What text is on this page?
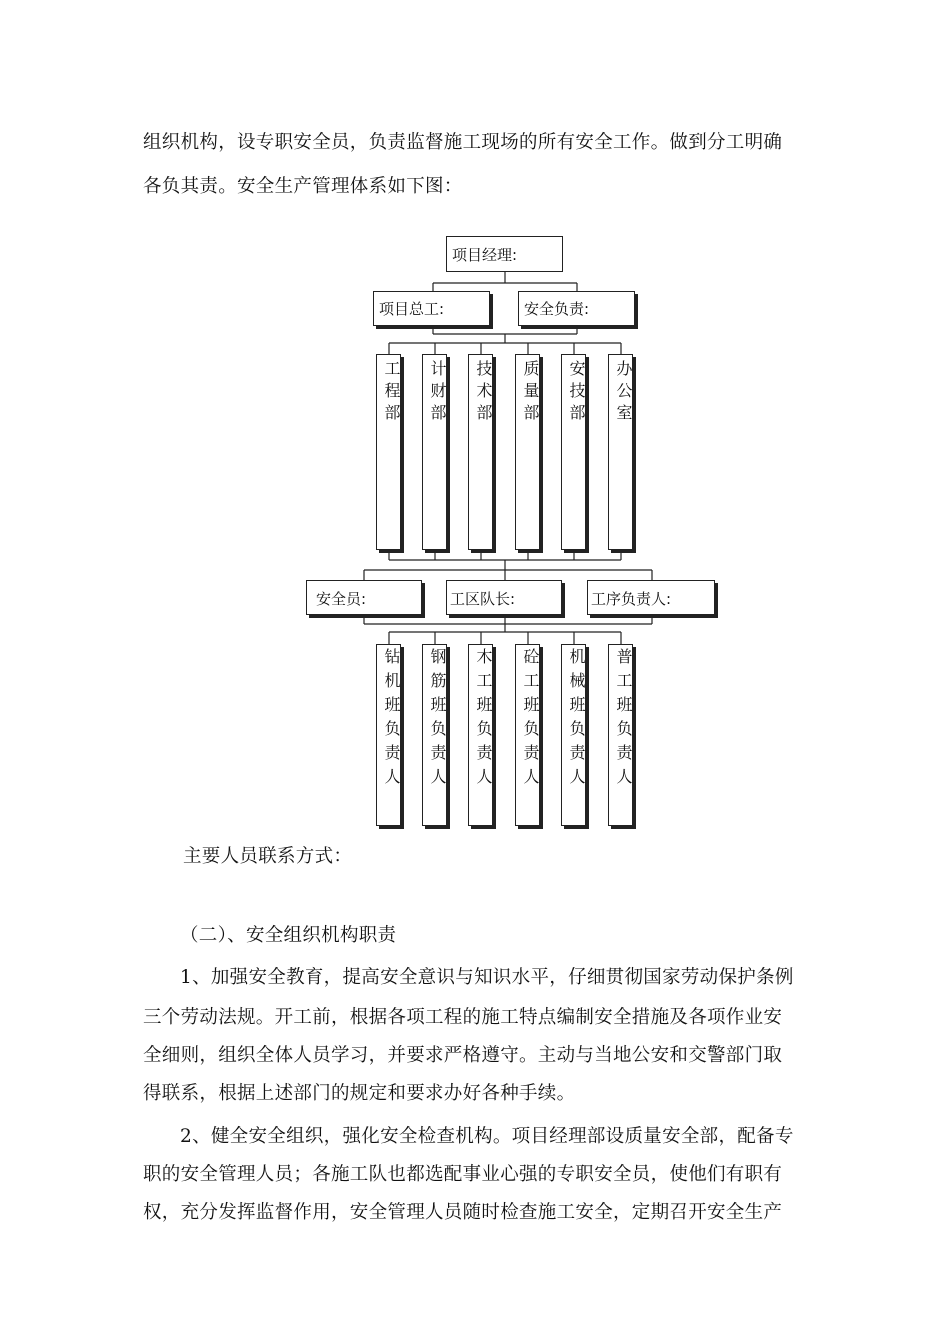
组织机构，设专职安全员，负责监督施工现场的所有安全工作。做到分工明确
各负其责。安全生产管理体系如下图：
项目经理:
项目总工:	安全负责:
工程部 计财部 技术部 质量部 安技部 办公室
安全员:	工区队长:	工序负责人:
钻机班负责人 钢筋班负责人 木工班负责人 砼工班负责人 机械班负责人 普工班负责人
主要人员联系方式：
（二）、安全组织机构职责
1、加强安全教育，提高安全意识与知识水平，仔细贯彻国家劳动保护条例
三个劳动法规。开工前，根据各项工程的施工特点编制安全措施及各项作业安
全细则，组织全体人员学习，并要求严格遵守。主动与当地公安和交警部门取
得联系，根据上述部门的规定和要求办好各种手续。
2、健全安全组织，强化安全检查机构。项目经理部设质量安全部，配备专
职的安全管理人员；各施工队也都选配事业心强的专职安全员，使他们有职有
权，充分发挥监督作用，安全管理人员随时检查施工安全，定期召开安全生产
